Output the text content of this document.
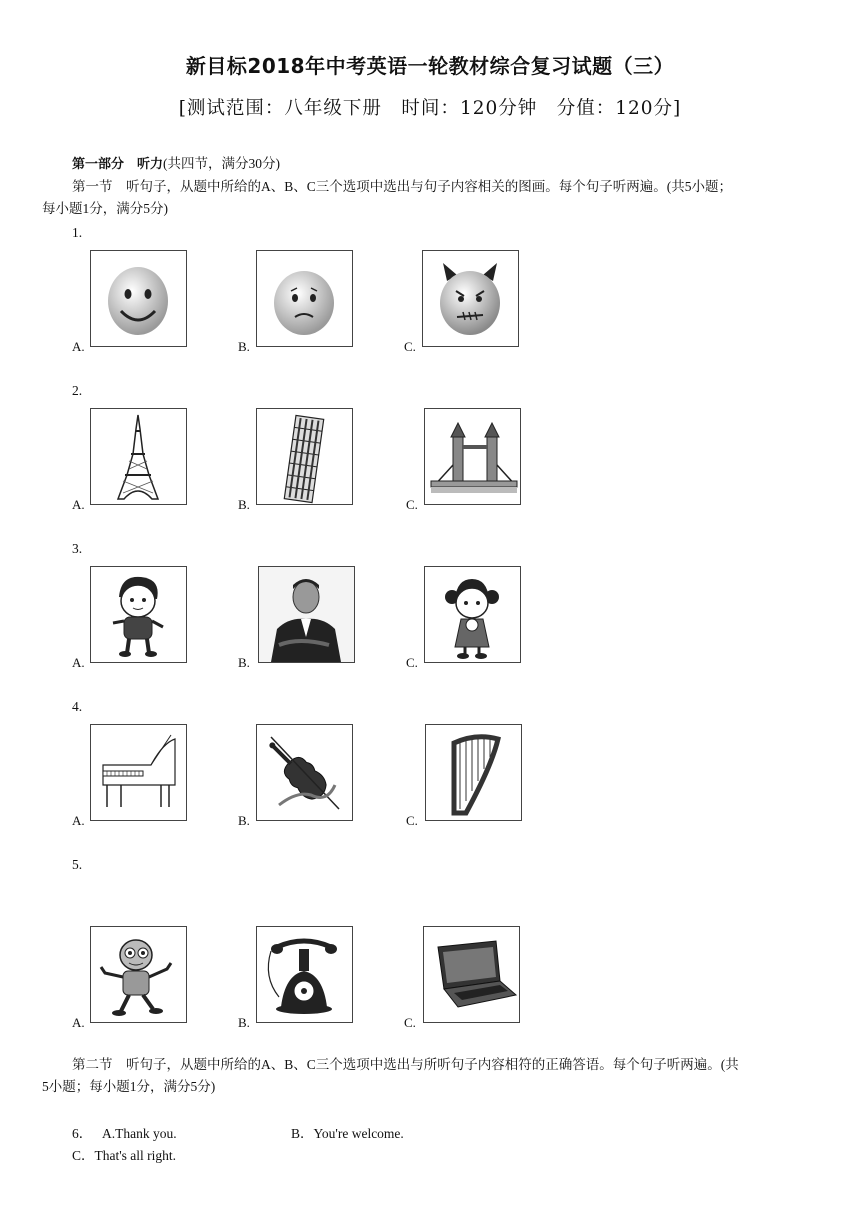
新目标2018年中考英语一轮教材综合复习试题（三）
[测试范围：八年级下册　时间：120分钟　分值：120分]
第一部分　听力(共四节，满分30分)
第一节　听句子，从题中所给的A、B、C三个选项中选出与句子内容相关的图画。每个句子听两遍。(共5小题；
每小题1分，满分5分)
1.
A.	B.	C.
2.
A.	B.	C.
3.
A.	B.	C.
4.
A.	B.	C.
5.
A.	B.	C.
第二节　听句子，从题中所给的A、B、C三个选项中选出与所听句子内容相符的正确答语。每个句子听两遍。(共
5小题；每小题1分，满分5分)
6． A.Thank you.	B．You're welcome.
C．That's all right.
